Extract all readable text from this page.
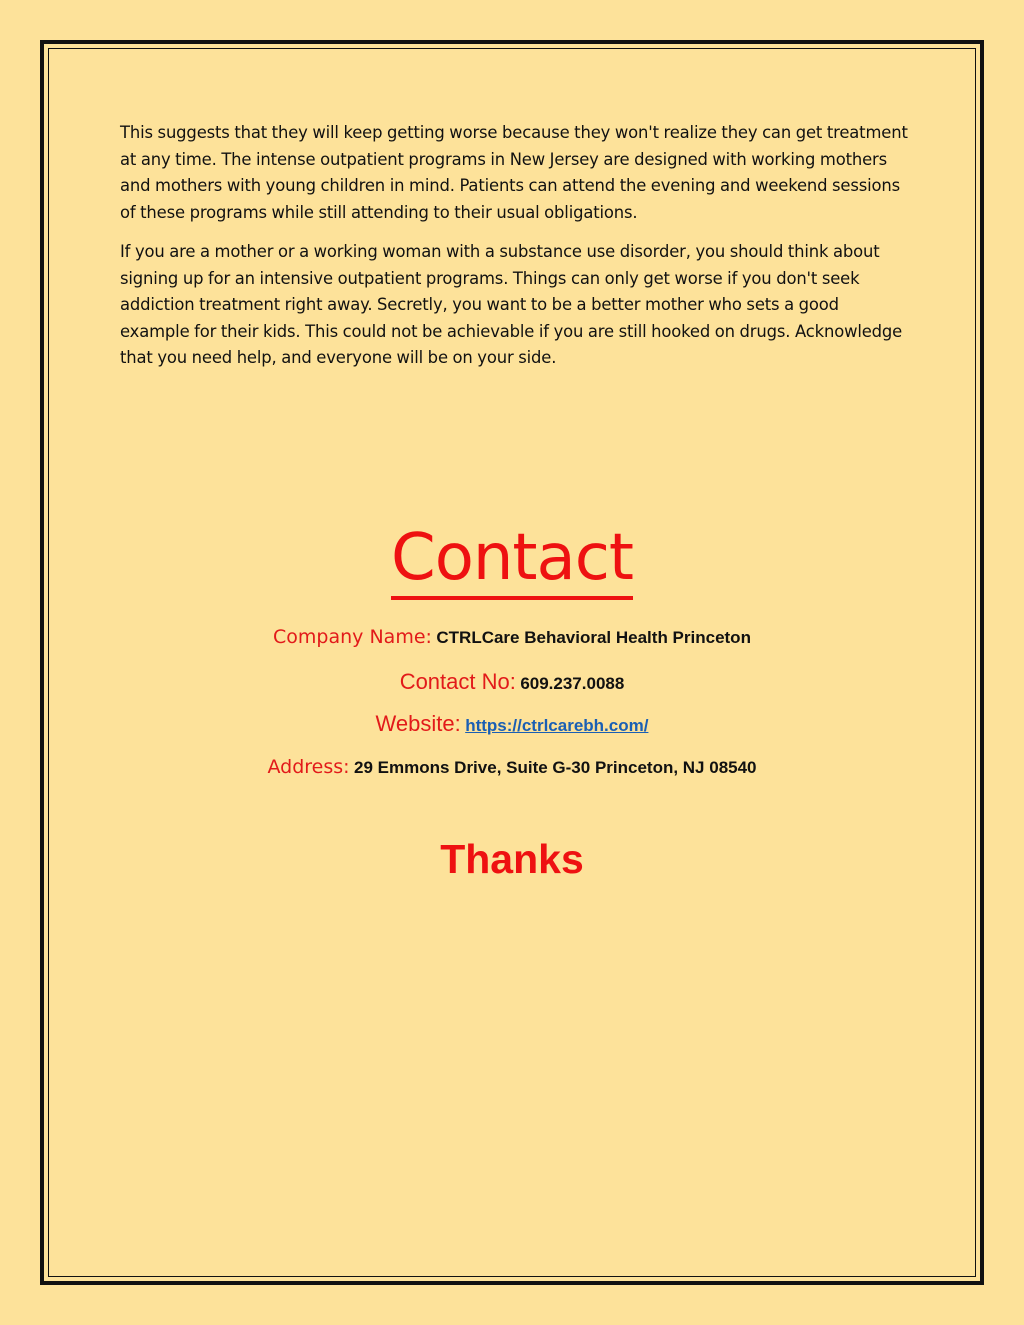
This suggests that they will keep getting worse because they won't realize they can get treatment at any time. The intense outpatient programs in New Jersey are designed with working mothers and mothers with young children in mind. Patients can attend the evening and weekend sessions of these programs while still attending to their usual obligations.

If you are a mother or a working woman with a substance use disorder, you should think about signing up for an intensive outpatient programs. Things can only get worse if you don't seek addiction treatment right away. Secretly, you want to be a better mother who sets a good example for their kids. This could not be achievable if you are still hooked on drugs. Acknowledge that you need help, and everyone will be on your side.

Contact
Company Name: CTRLCare Behavioral Health Princeton
Contact No: 609.237.0088
Website: https://ctrlcarebh.com/
Address: 29 Emmons Drive, Suite G-30 Princeton, NJ 08540
Thanks
